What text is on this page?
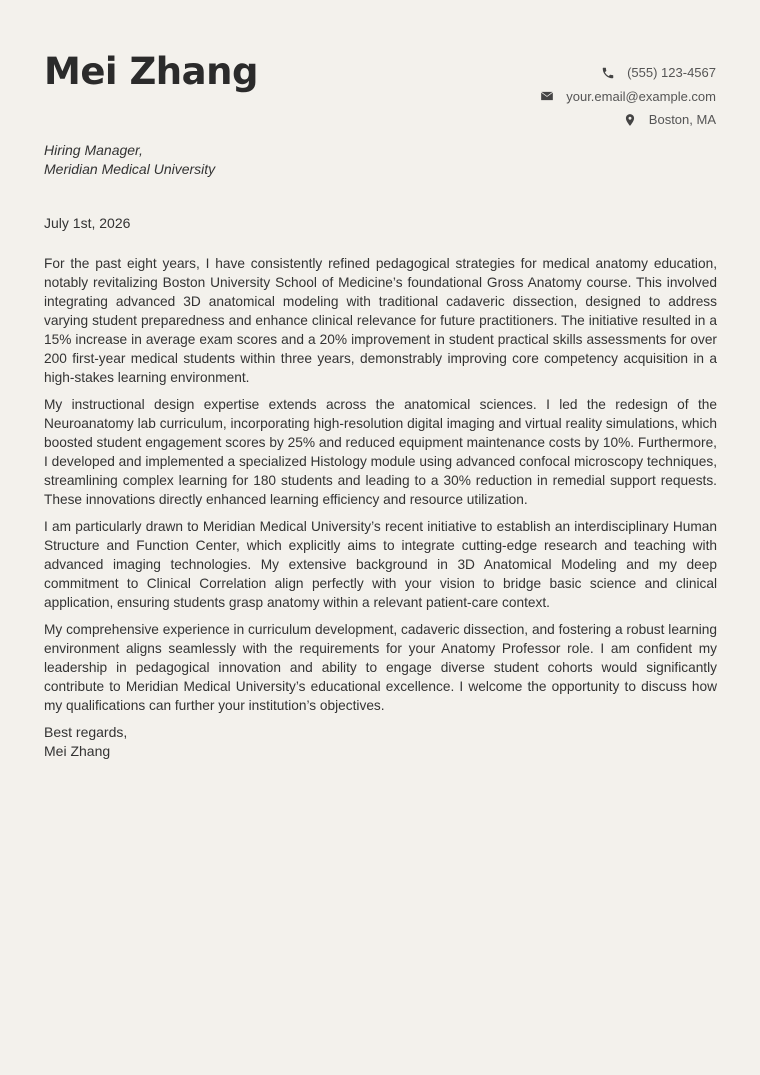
Mei Zhang	(555) 123-4567
your.email@example.com
Boston, MA
Hiring Manager,
Meridian Medical University
July 1st, 2026

For the past eight years, I have consistently refined pedagogical strategies for medical anatomy education, notably revitalizing Boston University School of Medicine’s foundational Gross Anatomy course. This involved integrating advanced 3D anatomical modeling with traditional cadaveric dissection, designed to address varying student preparedness and enhance clinical relevance for future practitioners. The initiative resulted in a 15% increase in average exam scores and a 20% improvement in student practical skills assessments for over 200 first-year medical students within three years, demonstrably improving core competency acquisition in a high-stakes learning environment.

My instructional design expertise extends across the anatomical sciences. I led the redesign of the Neuroanatomy lab curriculum, incorporating high-resolution digital imaging and virtual reality simulations, which boosted student engagement scores by 25% and reduced equipment maintenance costs by 10%. Furthermore, I developed and implemented a specialized Histology module using advanced confocal microscopy techniques, streamlining complex learning for 180 students and leading to a 30% reduction in remedial support requests. These innovations directly enhanced learning efficiency and resource utilization.

I am particularly drawn to Meridian Medical University’s recent initiative to establish an interdisciplinary Human Structure and Function Center, which explicitly aims to integrate cutting-edge research and teaching with advanced imaging technologies. My extensive background in 3D Anatomical Modeling and my deep commitment to Clinical Correlation align perfectly with your vision to bridge basic science and clinical application, ensuring students grasp anatomy within a relevant patient-care context.

My comprehensive experience in curriculum development, cadaveric dissection, and fostering a robust learning environment aligns seamlessly with the requirements for your Anatomy Professor role. I am confident my leadership in pedagogical innovation and ability to engage diverse student cohorts would significantly contribute to Meridian Medical University’s educational excellence. I welcome the opportunity to discuss how my qualifications can further your institution’s objectives.

Best regards,
Mei Zhang
